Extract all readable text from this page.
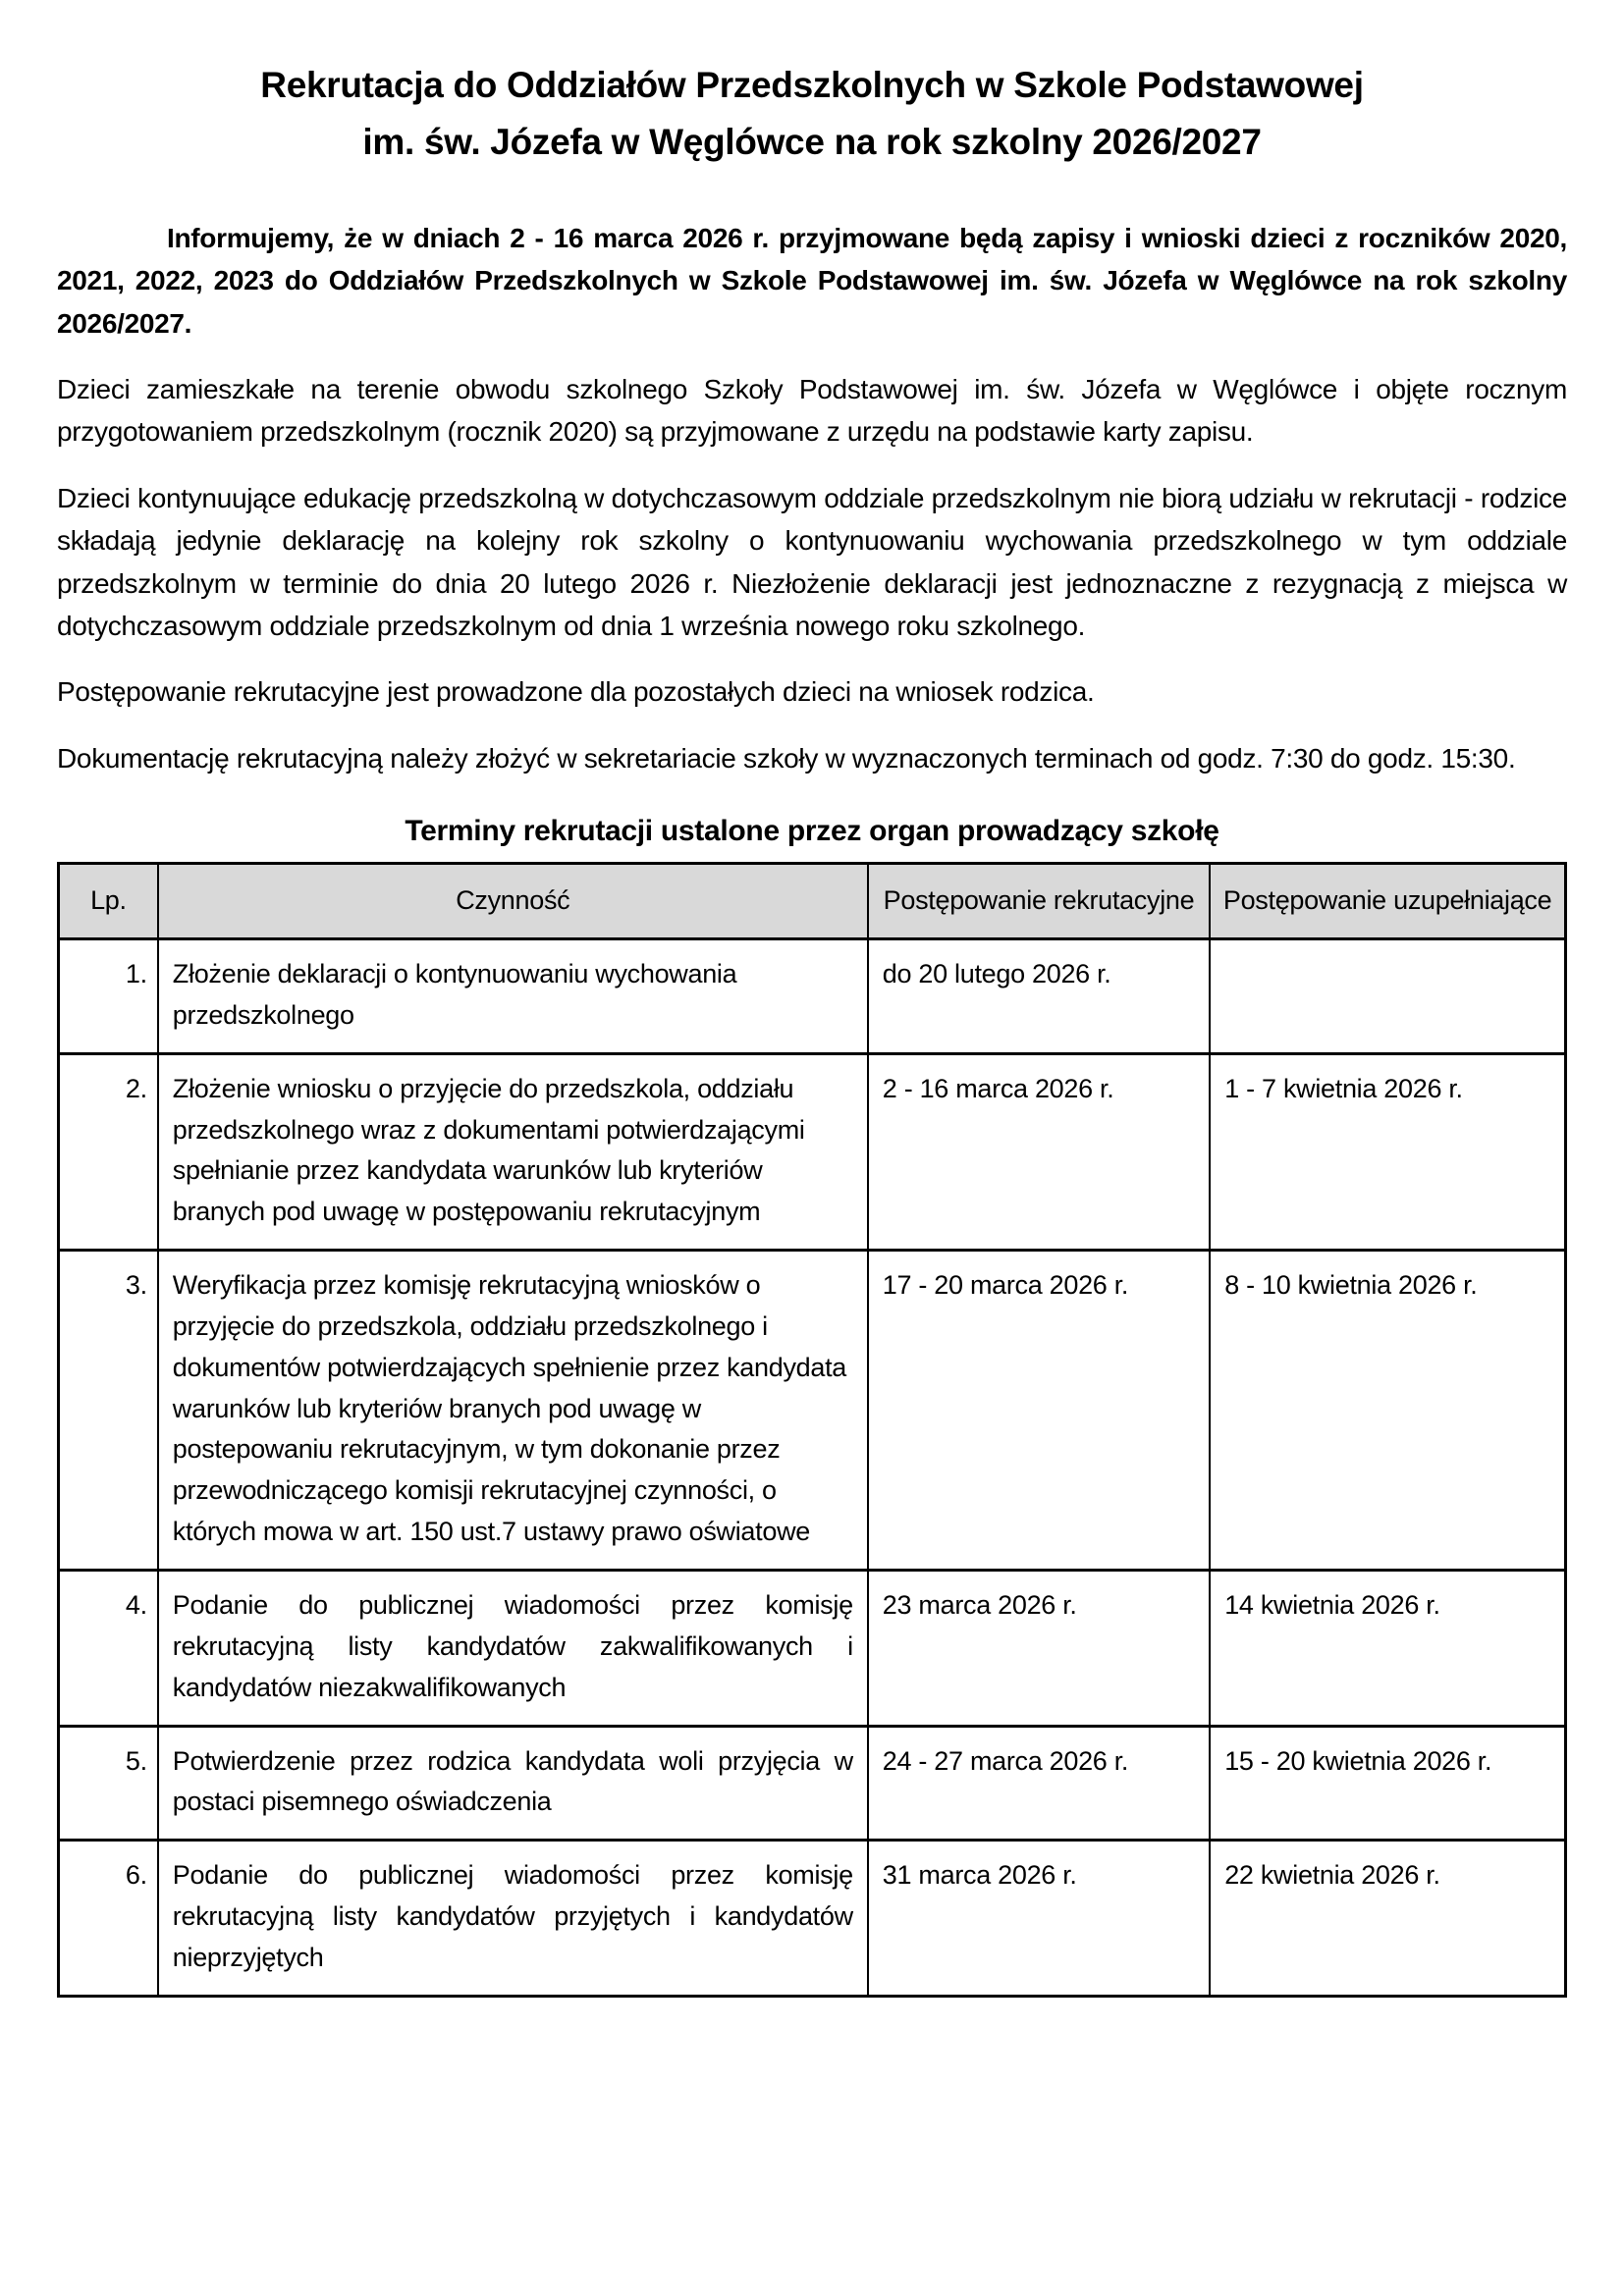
Rekrutacja do Oddziałów Przedszkolnych w Szkole Podstawowej
im. św. Józefa w Węglówce na rok szkolny 2026/2027

Informujemy, że w dniach 2 - 16 marca 2026 r. przyjmowane będą zapisy i wnioski dzieci z roczników 2020, 2021, 2022, 2023 do Oddziałów Przedszkolnych w Szkole Podstawowej im. św. Józefa w Węglówce na rok szkolny 2026/2027.

Dzieci zamieszkałe na terenie obwodu szkolnego Szkoły Podstawowej im. św. Józefa w Węglówce i objęte rocznym przygotowaniem przedszkolnym (rocznik 2020) są przyjmowane z urzędu na podstawie karty zapisu.

Dzieci kontynuujące edukację przedszkolną w dotychczasowym oddziale przedszkolnym nie biorą udziału w rekrutacji - rodzice składają jedynie deklarację na kolejny rok szkolny o kontynuowaniu wychowania przedszkolnego w tym oddziale przedszkolnym w terminie do dnia 20 lutego 2026 r. Niezłożenie deklaracji jest jednoznaczne z rezygnacją z miejsca w dotychczasowym oddziale przedszkolnym od dnia 1 września nowego roku szkolnego.

Postępowanie rekrutacyjne jest prowadzone dla pozostałych dzieci na wniosek rodzica.

Dokumentację rekrutacyjną należy złożyć w sekretariacie szkoły w wyznaczonych terminach od godz. 7:30 do godz. 15:30.

Terminy rekrutacji ustalone przez organ prowadzący szkołę
Lp.	Czynność	Postępowanie rekrutacyjne	Postępowanie uzupełniające
1.	Złożenie deklaracji o kontynuowaniu wychowania przedszkolnego	do 20 lutego 2026 r.	
2.	Złożenie wniosku o przyjęcie do przedszkola, oddziału przedszkolnego wraz z dokumentami potwierdzającymi spełnianie przez kandydata warunków lub kryteriów branych pod uwagę w postępowaniu rekrutacyjnym	2 - 16 marca 2026 r.	1 - 7 kwietnia 2026 r.
3.	Weryfikacja przez komisję rekrutacyjną wniosków o przyjęcie do przedszkola, oddziału przedszkolnego i dokumentów potwierdzających spełnienie przez kandydata warunków lub kryteriów branych pod uwagę w postepowaniu rekrutacyjnym, w tym dokonanie przez przewodniczącego komisji rekrutacyjnej czynności, o których mowa w art. 150 ust.7 ustawy prawo oświatowe	17 - 20 marca 2026 r.	8 - 10 kwietnia 2026 r.
4.	Podanie do publicznej wiadomości przez komisję rekrutacyjną listy kandydatów zakwalifikowanych i kandydatów niezakwalifikowanych	23 marca 2026 r.	14 kwietnia 2026 r.
5.	Potwierdzenie przez rodzica kandydata woli przyjęcia w postaci pisemnego oświadczenia	24 - 27 marca 2026 r.	15 - 20 kwietnia 2026 r.
6.	Podanie do publicznej wiadomości przez komisję rekrutacyjną listy kandydatów przyjętych i kandydatów nieprzyjętych	31 marca 2026 r.	22 kwietnia 2026 r.
